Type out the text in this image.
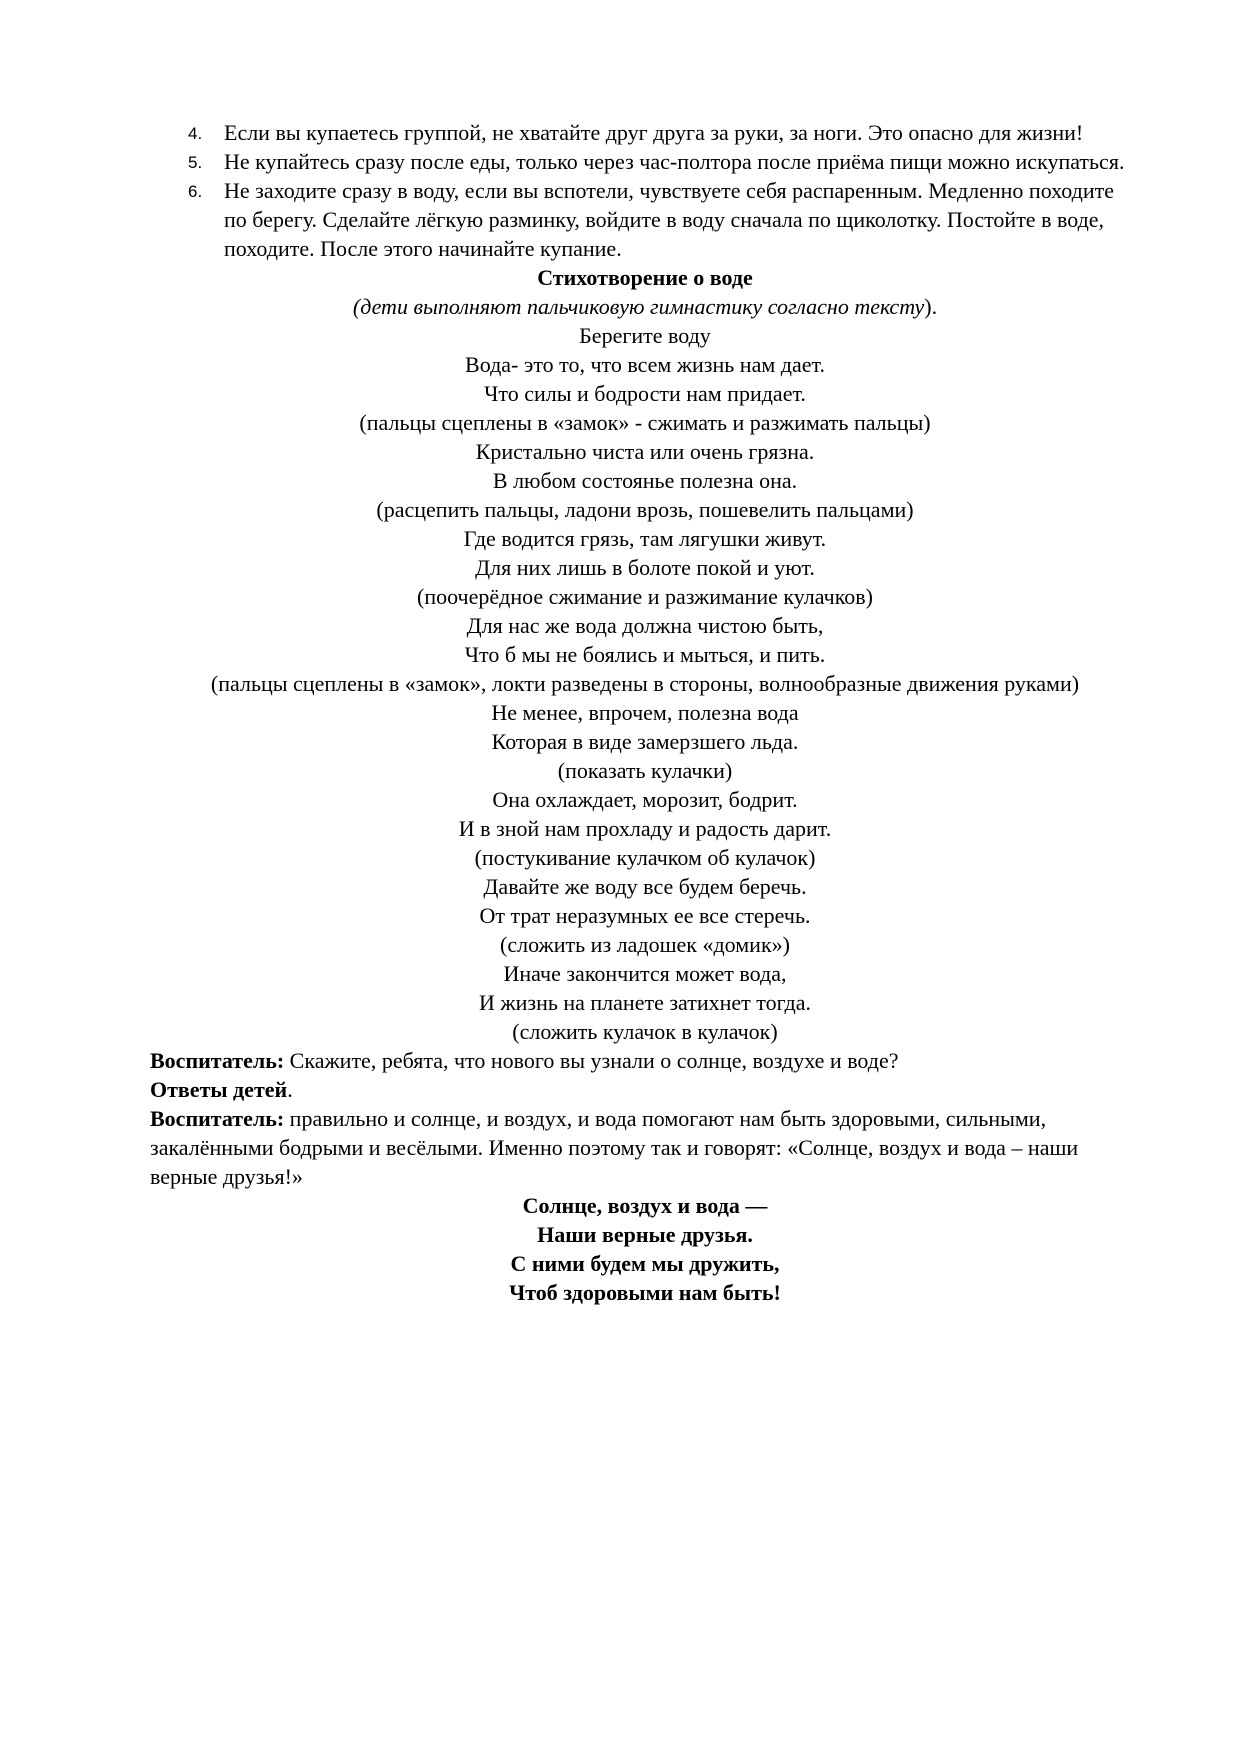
4. Если вы купаетесь группой, не хватайте друг друга за руки, за ноги. Это опасно для жизни!
5. Не купайтесь сразу после еды, только через час-полтора после приёма пищи можно искупаться.
6. Не заходите сразу в воду, если вы вспотели, чувствуете себя распаренным. Медленно походите по берегу. Сделайте лёгкую разминку, войдите в воду сначала по щиколотку. Постойте в воде, походите. После этого начинайте купание.
Стихотворение о воде
(дети выполняют пальчиковую гимнастику согласно тексту).
Берегите воду
Вода- это то, что всем жизнь нам дает.
Что силы и бодрости нам придает.
(пальцы сцеплены в «замок» - сжимать и разжимать пальцы)
Кристально чиста или очень грязна.
В любом состоянье полезна она.
(расцепить пальцы, ладони врозь, пошевелить пальцами)
Где водится грязь, там лягушки живут.
Для них лишь в болоте покой и уют.
(поочерёдное сжимание и разжимание кулачков)
Для нас же вода должна чистою быть,
Что б мы не боялись и мыться, и пить.
(пальцы сцеплены в «замок», локти разведены в стороны, волнообразные движения руками)
Не менее, впрочем, полезна вода
Которая в виде замерзшего льда.
(показать кулачки)
Она охлаждает, морозит, бодрит.
И в зной нам прохладу и радость дарит.
(постукивание кулачком об кулачок)
Давайте же воду все будем беречь.
От трат неразумных ее все стеречь.
(сложить из ладошек «домик»)
Иначе закончится может вода,
И жизнь на планете затихнет тогда.
(сложить кулачок в кулачок)

Воспитатель: Скажите, ребята, что нового вы узнали о солнце, воздухе и воде?

Ответы детей.

Воспитатель: правильно и солнце, и воздух, и вода помогают нам быть здоровыми, сильными, закалёнными бодрыми и весёлыми. Именно поэтому так и говорят: «Солнце, воздух и вода – наши верные друзья!»

Солнце, воздух и вода —
Наши верные друзья.
С ними будем мы дружить,
Чтоб здоровыми нам быть!
